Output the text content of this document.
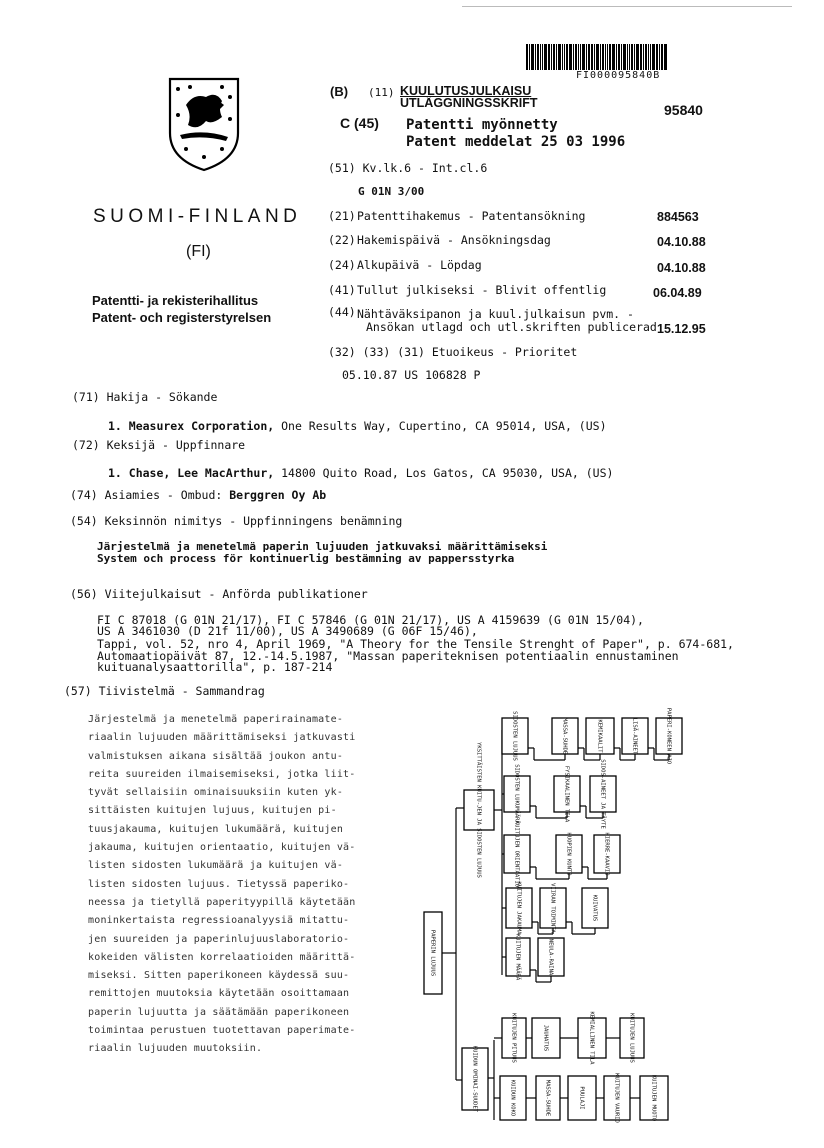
FI000095840B
(B) (11) KUULUTUSJULKAISU
UTLÄGGNINGSSKRIFT	95840
C (45) Patentti myönnetty
Patent meddelat 25 03 1996
(51) Kv.lk.6 - Int.cl.6
G 01N 3/00
SUOMI-FINLAND
(FI)
Patentti- ja rekisterihallitus
Patent- och registerstyrelsen
(21) Patenttihakemus - Patentansökning	884563
(22) Hakemispäivä - Ansökningsdag	04.10.88
(24) Alkupäivä - Löpdag	04.10.88
(41) Tullut julkiseksi - Blivit offentlig	06.04.89
(44) Nähtäväksipanon ja kuul.julkaisun pvm. -
Ansökan utlagd och utl.skriften publicerad 15.12.95
(32) (33) (31) Etuoikeus - Prioritet
05.10.87 US 106828 P
(71) Hakija - Sökande
1. Measurex Corporation, One Results Way, Cupertino, CA 95014, USA, (US)
(72) Keksijä - Uppfinnare
1. Chase, Lee MacArthur, 14800 Quito Road, Los Gatos, CA 95030, USA, (US)
(74) Asiamies - Ombud: Berggren Oy Ab
(54) Keksinnön nimitys - Uppfinningens benämning
Järjestelmä ja menetelmä paperin lujuuden jatkuvaksi määrittämiseksi
System och process för kontinuerlig bestämning av pappersstyrka
(56) Viitejulkaisut - Anförda publikationer
FI C 87018 (G 01N 21/17), FI C 57846 (G 01N 21/17), US A 4159639 (G 01N 15/04),
US A 3461030 (D 21f 11/00), US A 3490689 (G 06F 15/46),
Tappi, vol. 52, nro 4, April 1969, "A Theory for the Tensile Strenght of Paper", p. 674-681,
Automaatiopäivät 87, 12.-14.5.1987, "Massan paperiteknisen potentiaalin ennustaminen
kuituanalysaattorilla", p. 187-214
(57) Tiivistelmä - Sammandrag
Järjestelmä ja menetelmä paperirainamate-
riaalin lujuuden määrittämiseksi jatkuvasti
valmistuksen aikana sisältää joukon antu-
reita suureiden ilmaisemiseksi, jotka liit-
tyvät sellaisiin ominaisuuksiin kuten yk-
sittäisten kuitujen lujuus, kuitujen pi-
tuusjakauma, kuitujen lukumäärä, kuitujen
jakauma, kuitujen orientaatio, kuitujen vä-
listen sidosten lukumäärä ja kuitujen vä-
listen sidosten lujuus. Tietyssä paperiko-
neessa ja tietyllä paperityypillä käytetään
moninkertaista regressioanalyysiä mitattu-
jen suureiden ja paperinlujuuslaboratorio-
kokeiden välisten korrelaatioiden määrittä-
miseksi. Sitten paperikoneen käydessä suu-
remittojen muutoksia käytetään osoittamaan
paperin lujuutta ja säätämään paperikoneen
toimintaa perustuen tuotettavan paperimate-
riaalin lujuuden muutoksiin.
PAPERIN LUJUUS
YKSITTÄISTEN KUITU-JEN JA SIDOSTEN LUJUUS
KUIDUN OMINAI-SUUDET
SIDOSTEN LUJUUS	MASSA-SUHDE	KEMIKAALIT	LISÄ-AINEET	PAPERI-KONEEN AJO
SIDOSTEN LUKUMÄÄRÄ	FYSIKAALINEN TILA	SIDOS-AINEET JA TÄYTE
KUITUJEN ORIENTAATIO	HUOPIEN KUNTO	HIERRE-KAAVIO
KUITUJEN JAKAUMA	VIIRAN TOIMINTA	KUIVATUS
KUITUJEN MÄÄRÄ	NEULA-RAINA
KUITUJEN PITUUS	JAUHATUS	KEMIALLINEN TILA	KUITUJEN LUJUUS
KUIDUN KOKO	MASSA-SUHDE	PUULAJI	KUITUJEN VAURIO	KUITUJEN MUOTO
